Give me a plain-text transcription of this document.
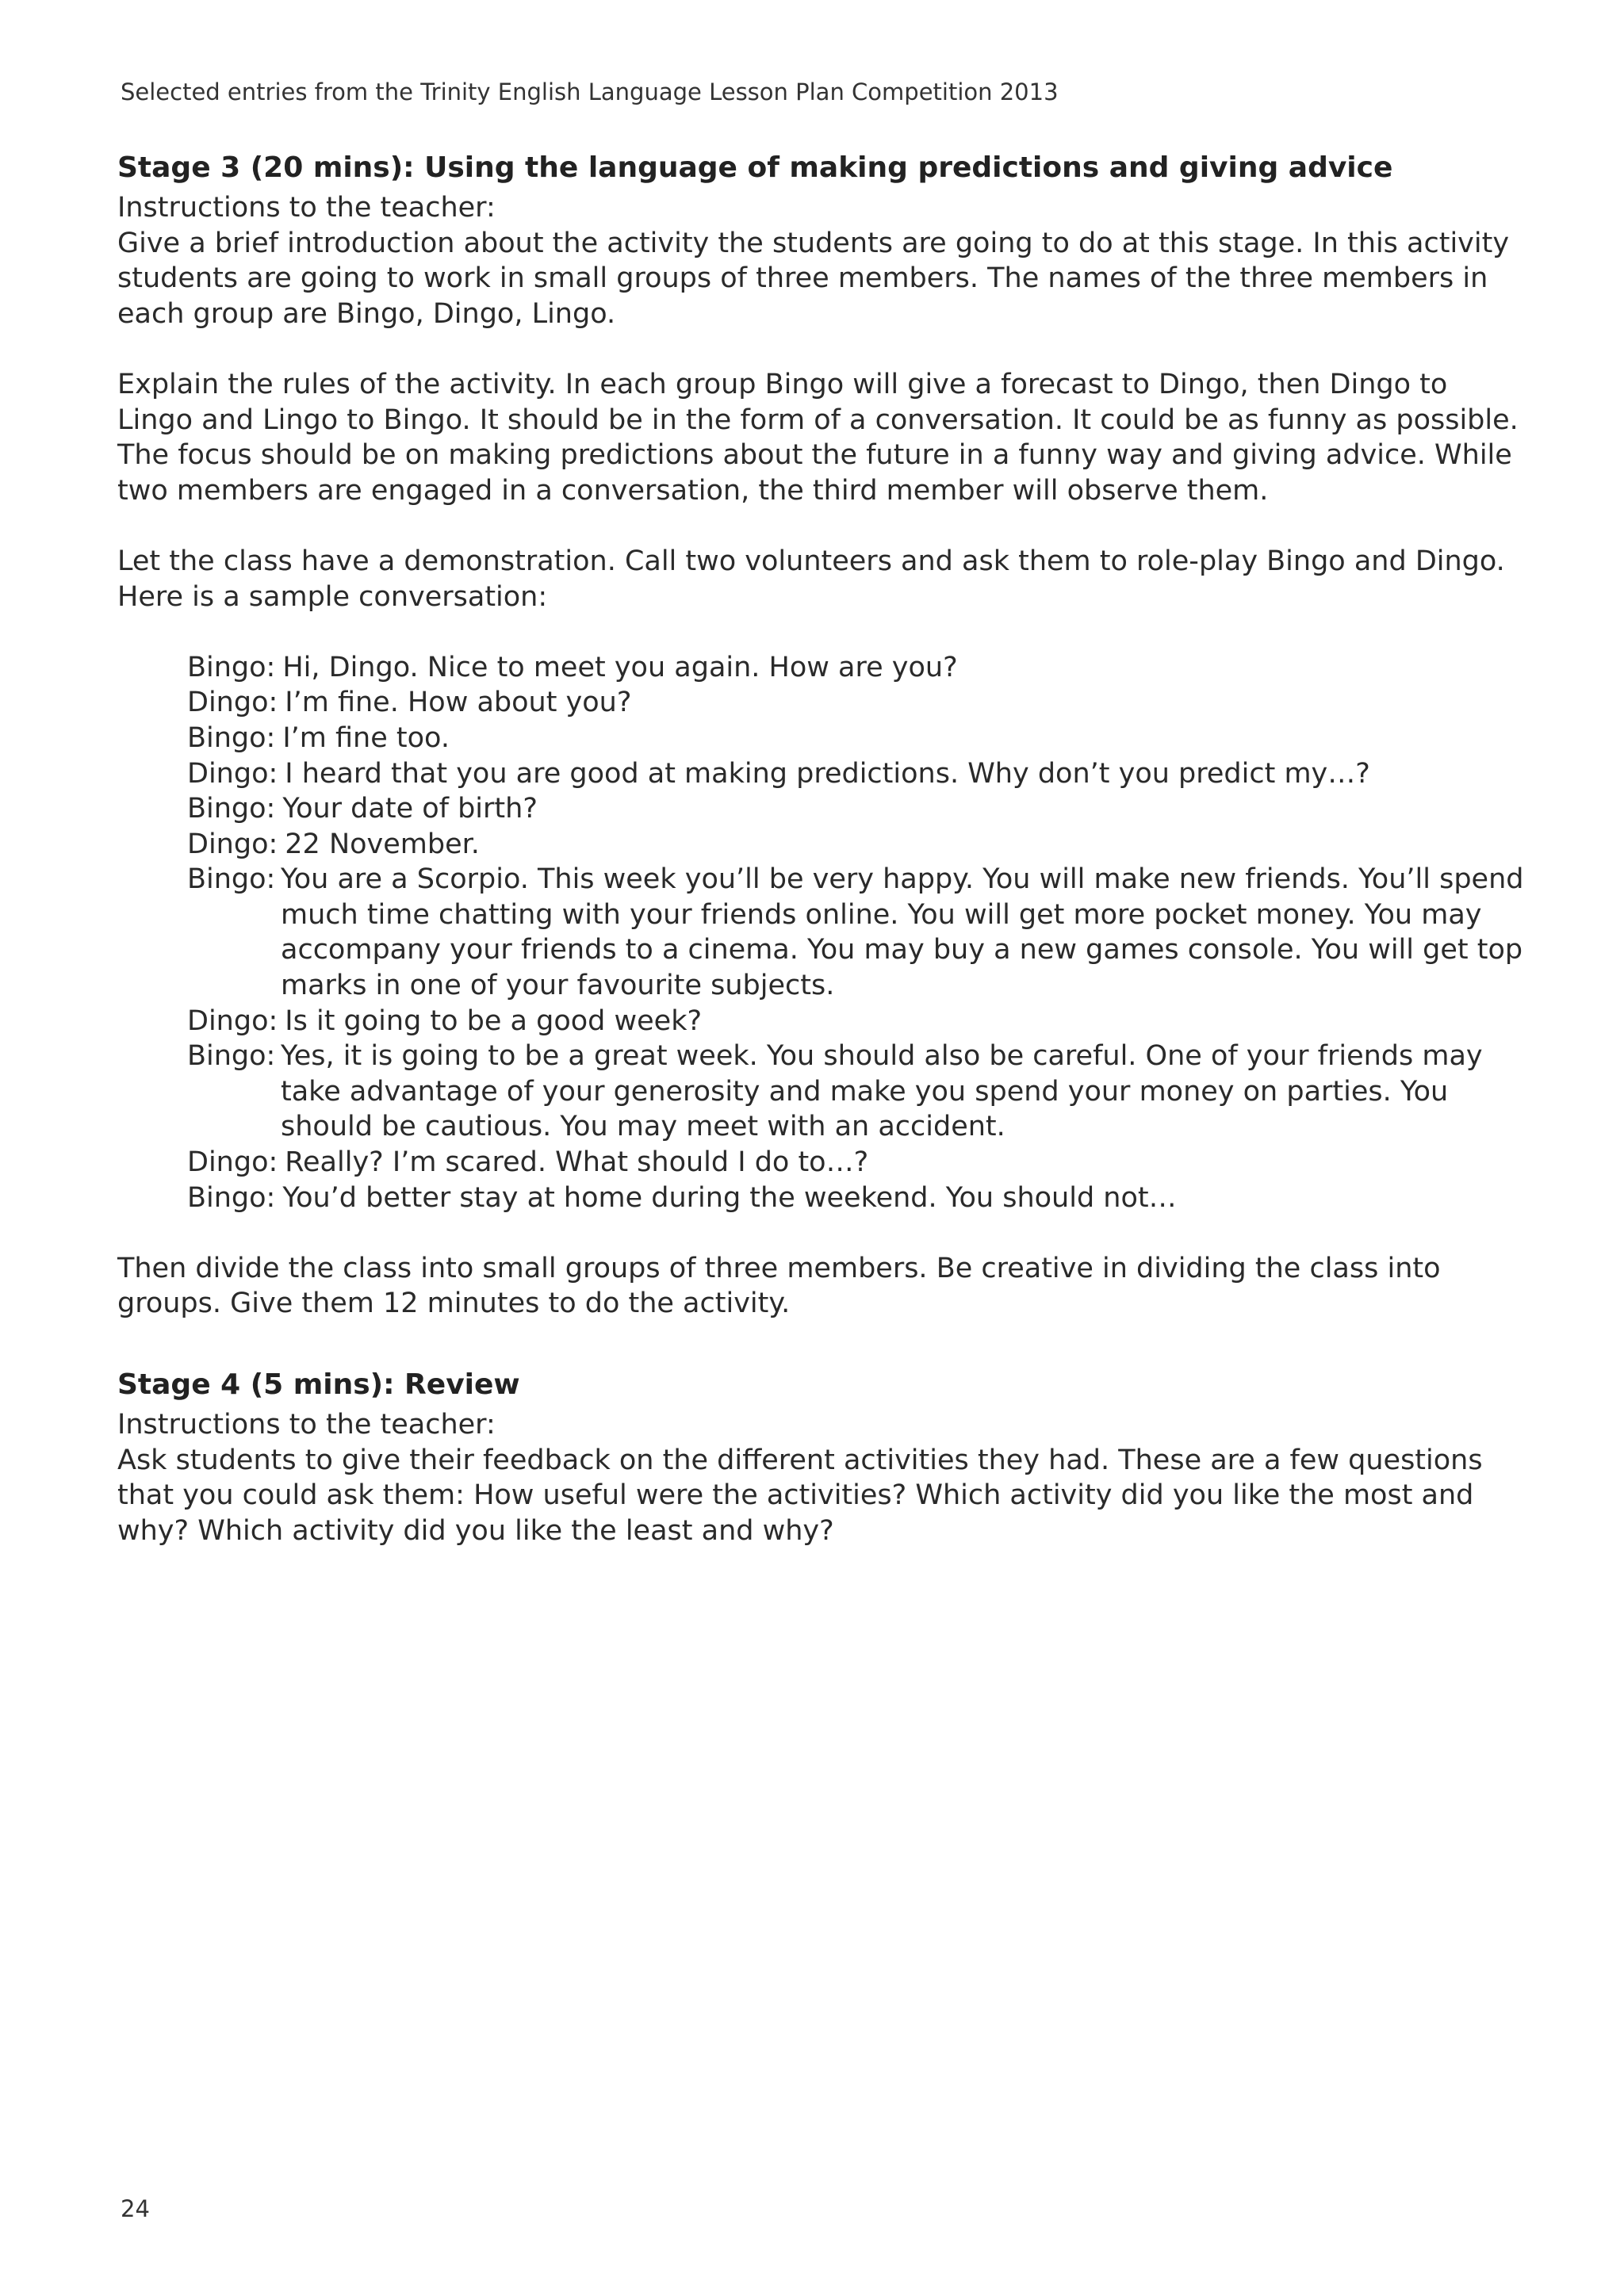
Selected entries from the Trinity English Language Lesson Plan Competition 2013
Stage 3 (20 mins): Using the language of making predictions and giving advice

Instructions to the teacher:

Give a brief introduction about the activity the students are going to do at this stage. In this activity students are going to work in small groups of three members. The names of the three members in each group are Bingo, Dingo, Lingo.

Explain the rules of the activity. In each group Bingo will give a forecast to Dingo, then Dingo to Lingo and Lingo to Bingo. It should be in the form of a conversation. It could be as funny as possible. The focus should be on making predictions about the future in a funny way and giving advice. While two members are engaged in a conversation, the third member will observe them.

Let the class have a demonstration. Call two volunteers and ask them to role-play Bingo and Dingo. Here is a sample conversation:

Bingo: Hi, Dingo. Nice to meet you again. How are you?
Dingo: I’m fine. How about you?
Bingo: I’m fine too.
Dingo: I heard that you are good at making predictions. Why don’t you predict my…?
Bingo: Your date of birth?
Dingo: 22 November.
Bingo: You are a Scorpio. This week you’ll be very happy. You will make new friends. You’ll spend much time chatting with your friends online. You will get more pocket money. You may accompany your friends to a cinema. You may buy a new games console. You will get top marks in one of your favourite subjects.
Dingo: Is it going to be a good week?
Bingo: Yes, it is going to be a great week. You should also be careful. One of your friends may take advantage of your generosity and make you spend your money on parties. You should be cautious. You may meet with an accident.
Dingo: Really? I’m scared. What should I do to…?
Bingo: You’d better stay at home during the weekend. You should not…

Then divide the class into small groups of three members. Be creative in dividing the class into groups. Give them 12 minutes to do the activity.

Stage 4 (5 mins): Review

Instructions to the teacher:

Ask students to give their feedback on the different activities they had. These are a few questions that you could ask them: How useful were the activities? Which activity did you like the most and why? Which activity did you like the least and why?

24
